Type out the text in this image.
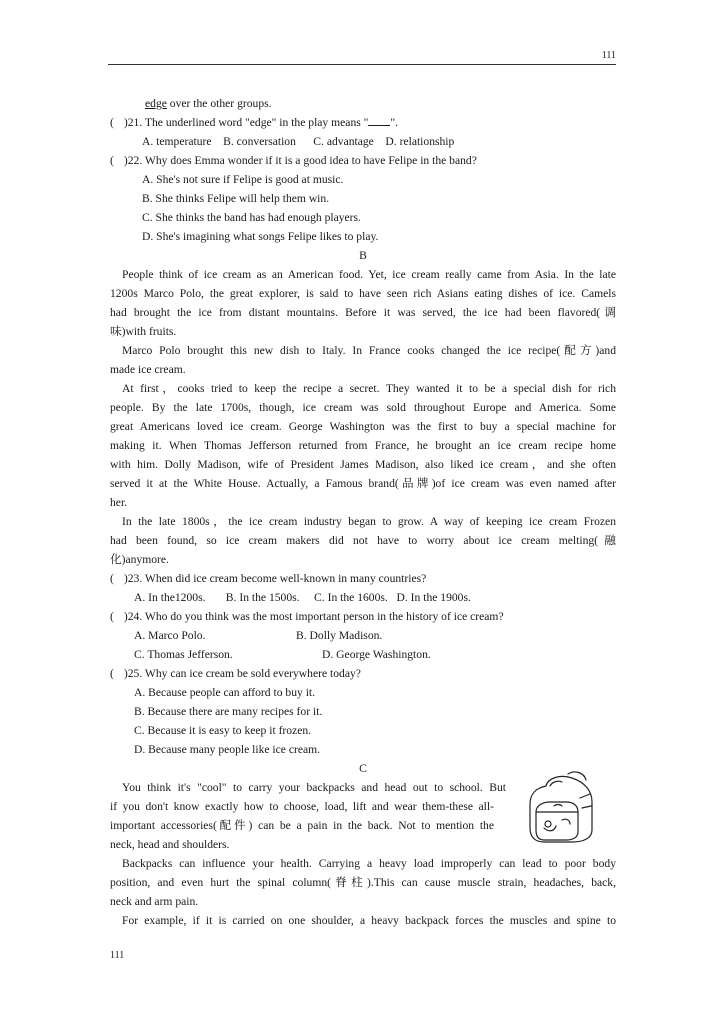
111
edge over the other groups.
( )21. The underlined word "edge" in the play means " ".
A. temperature B. conversation C. advantage D. relationship
( )22. Why does Emma wonder if it is a good idea to have Felipe in the band?
A. She's not sure if Felipe is good at music.
B. She thinks Felipe will help them win.
C. She thinks the band has had enough players.
D. She's imagining what songs Felipe likes to play.
B
People think of ice cream as an American food. Yet, ice cream really came from Asia. In the late
1200s Marco Polo, the great explorer, is said to have seen rich Asians eating dishes of ice. Camels
had brought the ice from distant mountains. Before it was served, the ice had been flavored(调
味)with fruits.
Marco Polo brought this new dish to Italy. In France cooks changed the ice recipe(配方)and
made ice cream.
At first，cooks tried to keep the recipe a secret. They wanted it to be a special dish for rich
people. By the late 1700s, though, ice cream was sold throughout Europe and America. Some
great Americans loved ice cream. George Washington was the first to buy a special machine for
making it. When Thomas Jefferson returned from France, he brought an ice cream recipe home
with him. Dolly Madison, wife of President James Madison, also liked ice cream，and she often
served it at the White House. Actually, a Famous brand(品牌)of ice cream was even named after
her.
In the late 1800s，the ice cream industry began to grow. A way of keeping ice cream Frozen
had been found, so ice cream makers did not have to worry about ice cream melting(融
化)anymore.
( )23. When did ice cream become well-known in many countries?
A. In the1200s. B. In the 1500s. C. In the 1600s. D. In the 1900s.
( )24. Who do you think was the most important person in the history of ice cream?
A. Marco Polo.	B. Dolly Madison.
C. Thomas Jefferson.	D. George Washington.
( )25. Why can ice cream be sold everywhere today?
A. Because people can afford to buy it.
B. Because there are many recipes for it.
C. Because it is easy to keep it frozen.
D. Because many people like ice cream.
C
You think it's "cool" to carry your backpacks and head out to school. But
if you don't know exactly how to choose, load, lift and wear them-these all-
important accessories(配件) can be a pain in the back. Not to mention the
neck, head and shoulders.
Backpacks can influence your health. Carrying a heavy load improperly can lead to poor body
position, and even hurt the spinal column(脊柱).This can cause muscle strain, headaches, back,
neck and arm pain.
For example, if it is carried on one shoulder, a heavy backpack forces the muscles and spine to
111
